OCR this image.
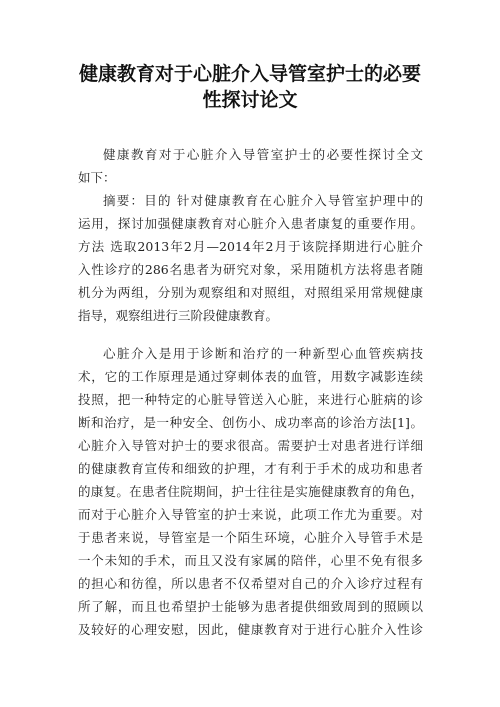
健康教育对于心脏介入导管室护士的必要
性探讨论文
健康教育对于心脏介入导管室护士的必要性探讨全文
如下：
摘要：目的 针对健康教育在心脏介入导管室护理中的
运用，探讨加强健康教育对心脏介入患者康复的重要作用。
方法 选取2013年2月—2014年2月于该院择期进行心脏介
入性诊疗的286名患者为研究对象，采用随机方法将患者随
机分为两组，分别为观察组和对照组，对照组采用常规健康
指导，观察组进行三阶段健康教育。
心脏介入是用于诊断和治疗的一种新型心血管疾病技
术，它的工作原理是通过穿刺体表的血管，用数字减影连续
投照，把一种特定的心脏导管送入心脏，来进行心脏病的诊
断和治疗，是一种安全、创伤小、成功率高的诊治方法[1]。
心脏介入导管对护士的要求很高。需要护士对患者进行详细
的健康教育宣传和细致的护理，才有利于手术的成功和患者
的康复。在患者住院期间，护士往往是实施健康教育的角色，
而对于心脏介入导管室的护士来说，此项工作尤为重要。对
于患者来说，导管室是一个陌生环境，心脏介入导管手术是
一个未知的手术，而且又没有家属的陪伴，心里不免有很多
的担心和彷徨，所以患者不仅希望对自己的介入诊疗过程有
所了解，而且也希望护士能够为患者提供细致周到的照顾以
及较好的心理安慰，因此，健康教育对于进行心脏介入性诊
